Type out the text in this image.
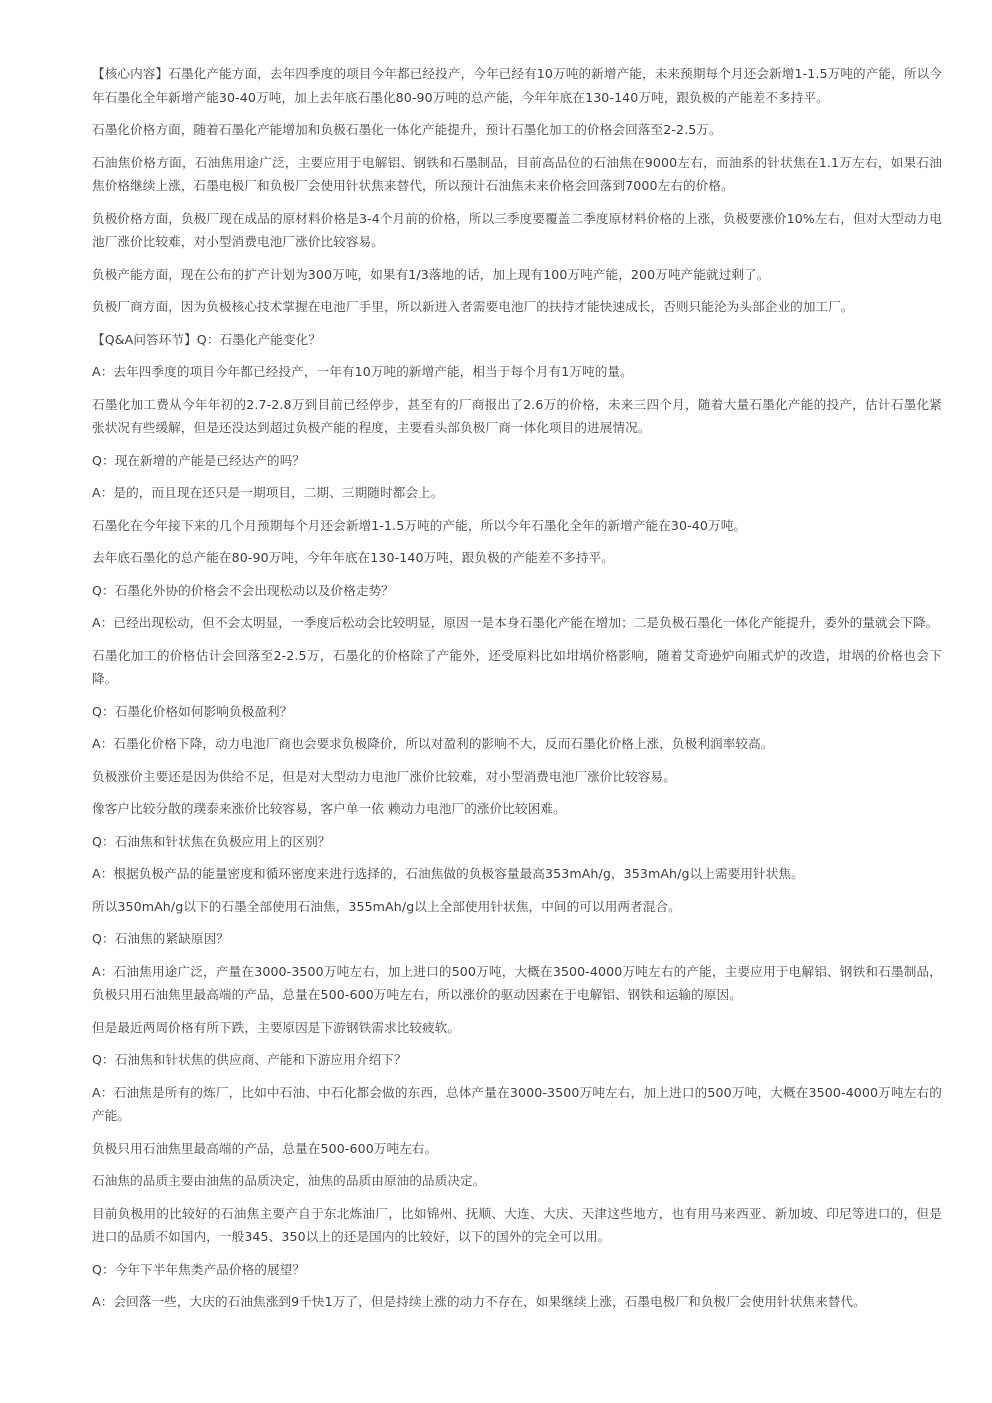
【核心内容】石墨化产能方面，去年四季度的项目今年都已经投产，今年已经有10万吨的新增产能，未来预期每个月还会新增1-1.5万吨的产能，所以今年石墨化全年新增产能30-40万吨，加上去年底石墨化80-90万吨的总产能，今年年底在130-140万吨，跟负极的产能差不多持平。

石墨化价格方面，随着石墨化产能增加和负极石墨化一体化产能提升，预计石墨化加工的价格会回落至2-2.5万。

石油焦价格方面，石油焦用途广泛，主要应用于电解铝、钢铁和石墨制品，目前高品位的石油焦在9000左右，而油系的针状焦在1.1万左右，如果石油焦价格继续上涨，石墨电极厂和负极厂会使用针状焦来替代，所以预计石油焦未来价格会回落到7000左右的价格。

负极价格方面，负极厂现在成品的原材料价格是3-4个月前的价格，所以三季度要覆盖二季度原材料价格的上涨，负极要涨价10%左右，但对大型动力电池厂涨价比较难，对小型消费电池厂涨价比较容易。

负极产能方面，现在公布的扩产计划为300万吨，如果有1/3落地的话，加上现有100万吨产能，200万吨产能就过剩了。

负极厂商方面，因为负极核心技术掌握在电池厂手里，所以新进入者需要电池厂的扶持才能快速成长，否则只能沦为头部企业的加工厂。

【Q&A问答环节】Q：石墨化产能变化？

A：去年四季度的项目今年都已经投产，一年有10万吨的新增产能，相当于每个月有1万吨的量。

石墨化加工费从今年年初的2.7-2.8万到目前已经停步，甚至有的厂商报出了2.6万的价格，未来三四个月，随着大量石墨化产能的投产，估计石墨化紧张状况有些缓解，但是还没达到超过负极产能的程度，主要看头部负极厂商一体化项目的进展情况。

Q：现在新增的产能是已经达产的吗？

A：是的，而且现在还只是一期项目，二期、三期随时都会上。

石墨化在今年接下来的几个月预期每个月还会新增1-1.5万吨的产能，所以今年石墨化全年的新增产能在30-40万吨。

去年底石墨化的总产能在80-90万吨，今年年底在130-140万吨，跟负极的产能差不多持平。

Q：石墨化外协的价格会不会出现松动以及价格走势？

A：已经出现松动，但不会太明显，一季度后松动会比较明显，原因一是本身石墨化产能在增加；二是负极石墨化一体化产能提升，委外的量就会下降。

石墨化加工的价格估计会回落至2-2.5万，石墨化的价格除了产能外，还受原料比如坩埚价格影响，随着艾奇逊炉向厢式炉的改造，坩埚的价格也会下降。

Q：石墨化价格如何影响负极盈利？

A：石墨化价格下降，动力电池厂商也会要求负极降价，所以对盈利的影响不大，反而石墨化价格上涨，负极利润率较高。

负极涨价主要还是因为供给不足，但是对大型动力电池厂涨价比较难，对小型消费电池厂涨价比较容易。

像客户比较分散的璞泰来涨价比较容易，客户单一依 赖动力电池厂的涨价比较困难。

Q：石油焦和针状焦在负极应用上的区别？

A：根据负极产品的能量密度和循环密度来进行选择的，石油焦做的负极容量最高353mAh/g，353mAh/g以上需要用针状焦。

所以350mAh/g以下的石墨全部使用石油焦，355mAh/g以上全部使用针状焦，中间的可以用两者混合。

Q：石油焦的紧缺原因？

A：石油焦用途广泛，产量在3000-3500万吨左右，加上进口的500万吨，大概在3500-4000万吨左右的产能，主要应用于电解铝、钢铁和石墨制品，负极只用石油焦里最高端的产品，总量在500-600万吨左右，所以涨价的驱动因素在于电解铝、钢铁和运输的原因。

但是最近两周价格有所下跌，主要原因是下游钢铁需求比较疲软。

Q：石油焦和针状焦的供应商、产能和下游应用介绍下？

A：石油焦是所有的炼厂，比如中石油、中石化都会做的东西，总体产量在3000-3500万吨左右，加上进口的500万吨，大概在3500-4000万吨左右的产能。

负极只用石油焦里最高端的产品，总量在500-600万吨左右。

石油焦的品质主要由油焦的品质决定，油焦的品质由原油的品质决定。

目前负极用的比较好的石油焦主要产自于东北炼油厂，比如锦州、抚顺、大连、大庆、天津这些地方，也有用马来西亚、新加坡、印尼等进口的，但是进口的品质不如国内，一般345、350以上的还是国内的比较好，以下的国外的完全可以用。

Q：今年下半年焦类产品价格的展望？

A：会回落一些，大庆的石油焦涨到9千快1万了，但是持续上涨的动力不存在，如果继续上涨，石墨电极厂和负极厂会使用针状焦来替代。
